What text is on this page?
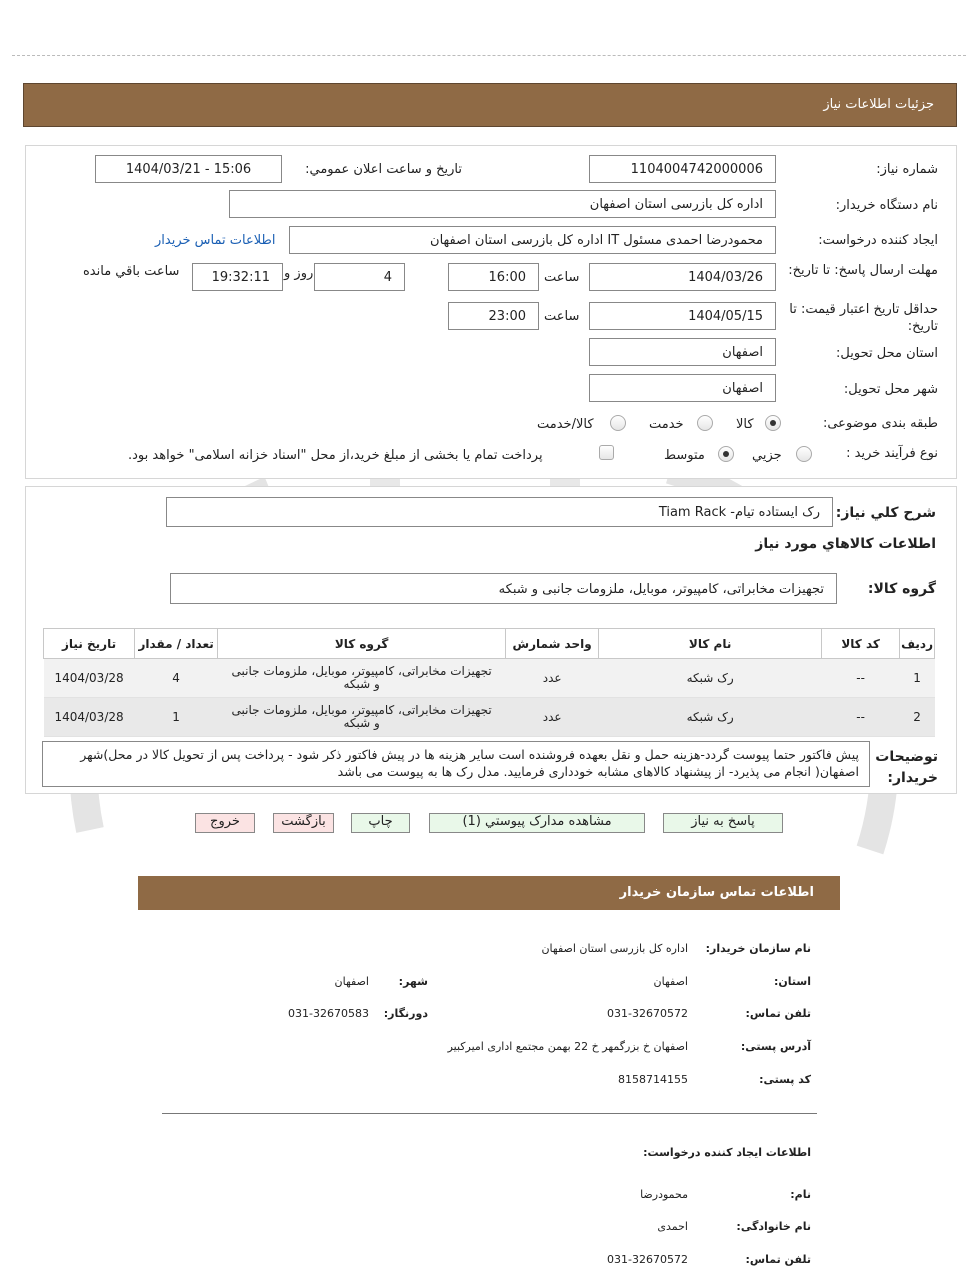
جزئيات اطلاعات نياز
شماره نياز:
1104004742000006
تاريخ و ساعت اعلان عمومي:
1404/03/21 - 15:06
نام دستگاه خريدار:
اداره کل بازرسی استان اصفهان
ايجاد کننده درخواست:
محمودرضا احمدی مسئول IT اداره کل بازرسی استان اصفهان
اطلاعات تماس خريدار
مهلت ارسال پاسخ: تا تاريخ:
1404/03/26
ساعت
16:00
4
روز و
19:32:11
ساعت باقي مانده
حداقل تاريخ اعتبار قيمت: تا تاريخ:
1404/05/15
ساعت
23:00
استان محل تحويل:
اصفهان
شهر محل تحويل:
اصفهان
طبقه بندی موضوعی:
کالا
خدمت
کالا/خدمت
نوع فرآيند خريد :
جزيي
متوسط
پرداخت تمام يا بخشی از مبلغ خريد،از محل "اسناد خزانه اسلامی" خواهد بود.
شرح کلي نياز:
رک ایستاده تیام- Tiam Rack
اطلاعات کالاهاي مورد نياز
گروه کالا:
تجهيزات مخابراتی، کامپيوتر، موبايل، ملزومات جانبی و شبکه
رديف	کد کالا	نام کالا	واحد شمارش	گروه کالا	تعداد / مقدار	تاريخ نياز
1	--	رک شبکه	عدد	تجهيزات مخابراتی، کامپيوتر، موبايل، ملزومات جانبی و شبکه	4	1404/03/28
2	--	رک شبکه	عدد	تجهيزات مخابراتی، کامپيوتر، موبايل، ملزومات جانبی و شبکه	1	1404/03/28
توضيحات خريدار:
پیش فاکتور حتما پیوست گردد-هزینه حمل و نقل بعهده فروشنده است سایر هزینه ها در پیش فاکتور ذکر شود - پرداخت پس از تحویل کالا در محل)شهر اصفهان( انجام می پذیرد- از پیشنهاد کالاهای مشابه خودداری فرمایید. مدل رک ها به پیوست می باشد
پاسخ به نياز
مشاهده مدارک پيوستي (1)
چاپ
بازگشت
خروج
اطلاعات تماس سازمان خريدار
نام سازمان خريدار:
اداره کل بازرسی استان اصفهان
استان:
اصفهان
شهر:
اصفهان
تلفن تماس:
031-32670572
دورنگار:
031-32670583
آدرس پستی:
اصفهان خ بزرگمهر خ 22 بهمن مجتمع اداری امیرکبیر
کد پستی:
8158714155
اطلاعات ایجاد کننده درخواست:
نام:
محمودرضا
نام خانوادگی:
احمدی
تلفن تماس:
031-32670572
